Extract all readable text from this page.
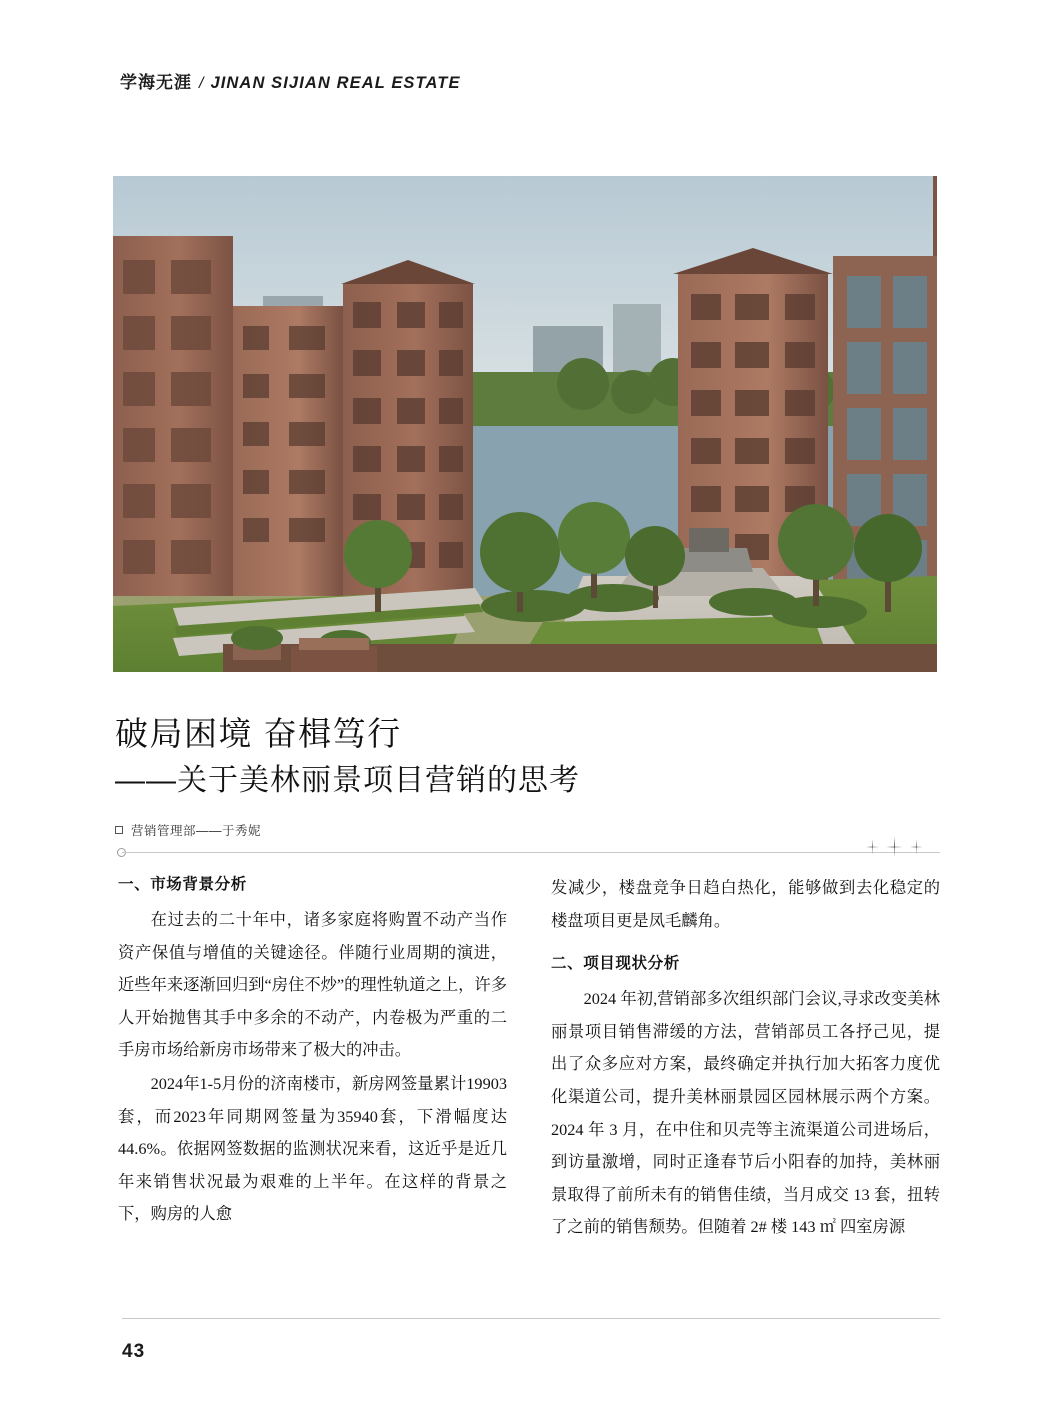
学海无涯 / JINAN SIJIAN REAL ESTATE
破局困境 奋楫笃行
——关于美林丽景项目营销的思考
营销管理部——于秀妮
一、市场背景分析

在过去的二十年中，诸多家庭将购置不动产当作资产保值与增值的关键途径。伴随行业周期的演进，近些年来逐渐回归到“房住不炒”的理性轨道之上，许多人开始抛售其手中多余的不动产，内卷极为严重的二手房市场给新房市场带来了极大的冲击。

2024年1-5月份的济南楼市，新房网签量累计19903套，而2023年同期网签量为35940套，下滑幅度达44.6%。依据网签数据的监测状况来看，这近乎是近几年来销售状况最为艰难的上半年。在这样的背景之下，购房的人愈

发减少，楼盘竞争日趋白热化，能够做到去化稳定的楼盘项目更是凤毛麟角。

二、项目现状分析

2024 年初,营销部多次组织部门会议,寻求改变美林丽景项目销售滞缓的方法，营销部员工各抒己见，提出了众多应对方案，最终确定并执行加大拓客力度优化渠道公司，提升美林丽景园区园林展示两个方案。2024 年 3 月，在中住和贝壳等主流渠道公司进场后，到访量激增，同时正逢春节后小阳春的加持，美林丽景取得了前所未有的销售佳绩，当月成交 13 套，扭转了之前的销售颓势。但随着 2# 楼 143 ㎡ 四室房源

43
